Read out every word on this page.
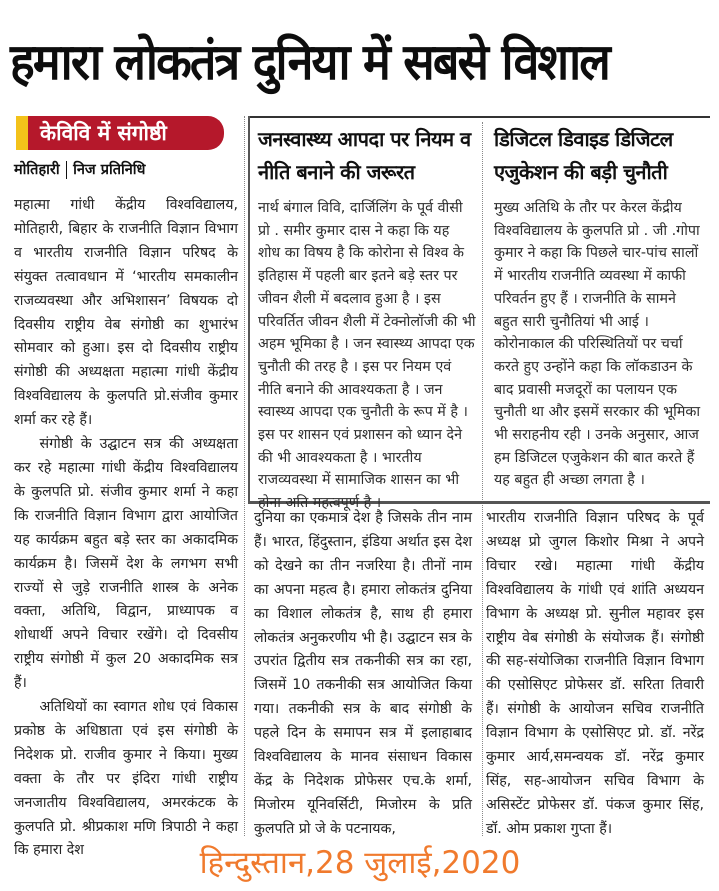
हमारा लोकतंत्र दुनिया में सबसे विशाल
केविवि में संगोष्ठी
मोतिहारी निज प्रतिनिधि

महात्मा गांधी केंद्रीय विश्वविद्यालय, मोतिहारी, बिहार के राजनीति विज्ञान विभाग व भारतीय राजनीति विज्ञान परिषद के संयुक्त तत्वावधान में ‘भारतीय समकालीन राजव्यवस्था और अभिशासन’ विषयक दो दिवसीय राष्ट्रीय वेब संगोष्ठी का शुभारंभ सोमवार को हुआ। इस दो दिवसीय राष्ट्रीय संगोष्ठी की अध्यक्षता महात्मा गांधी केंद्रीय विश्वविद्यालय के कुलपति प्रो.संजीव कुमार शर्मा कर रहे हैं।

संगोष्ठी के उद्घाटन सत्र की अध्यक्षता कर रहे महात्मा गांधी केंद्रीय विश्वविद्यालय के कुलपति प्रो. संजीव कुमार शर्मा ने कहा कि राजनीति विज्ञान विभाग द्वारा आयोजित यह कार्यक्रम बहुत बड़े स्तर का अकादमिक कार्यक्रम है। जिसमें देश के लगभग सभी राज्यों से जुड़े राजनीति शास्त्र के अनेक वक्ता, अतिथि, विद्वान, प्राध्यापक व शोधार्थी अपने विचार रखेंगे। दो दिवसीय राष्ट्रीय संगोष्ठी में कुल 20 अकादमिक सत्र हैं।

अतिथियों का स्वागत शोध एवं विकास प्रकोष्ठ के अधिष्ठाता एवं इस संगोष्ठी के निदेशक प्रो. राजीव कुमार ने किया। मुख्य वक्ता के तौर पर इंदिरा गांधी राष्ट्रीय जनजातीय विश्वविद्यालय, अमरकंटक के कुलपति प्रो. श्रीप्रकाश मणि त्रिपाठी ने कहा कि हमारा देश

जनस्वास्थ्य आपदा पर नियम व नीति बनाने की जरूरत

नार्थ बंगाल विवि, दार्जिलिंग के पूर्व वीसी प्रो . समीर कुमार दास ने कहा कि यह शोध का विषय है कि कोरोना से विश्व के इतिहास में पहली बार इतने बड़े स्तर पर जीवन शैली में बदलाव हुआ है । इस परिवर्तित जीवन शैली में टेक्नोलॉजी की भी अहम भूमिका है । जन स्वास्थ्य आपदा एक चुनौती की तरह है । इस पर नियम एवं नीति बनाने की आवश्यकता है । जन स्वास्थ्य आपदा एक चुनौती के रूप में है । इस पर शासन एवं प्रशासन को ध्यान देने की भी आवश्यकता है । भारतीय राजव्यवस्था में सामाजिक शासन का भी होना अति महत्वपूर्ण है ।

डिजिटल डिवाइड डिजिटल एजुकेशन की बड़ी चुनौती

मुख्य अतिथि के तौर पर केरल केंद्रीय विश्वविद्यालय के कुलपति प्रो . जी .गोपा कुमार ने कहा कि पिछले चार-पांच सालों में भारतीय राजनीति व्यवस्था में काफी परिवर्तन हुए हैं । राजनीति के सामने बहुत सारी चुनौतियां भी आई । कोरोनाकाल की परिस्थितियों पर चर्चा करते हुए उन्होंने कहा कि लॉकडाउन के बाद प्रवासी मजदूरों का पलायन एक चुनौती था और इसमें सरकार की भूमिका भी सराहनीय रही । उनके अनुसार, आज हम डिजिटल एजुकेशन की बात करते हैं यह बहुत ही अच्छा लगता है ।

दुनिया का एकमात्र देश है जिसके तीन नाम हैं। भारत, हिंदुस्तान, इंडिया अर्थात इस देश को देखने का तीन नजरिया है। तीनों नाम का अपना महत्व है। हमारा लोकतंत्र दुनिया का विशाल लोकतंत्र है, साथ ही हमारा लोकतंत्र अनुकरणीय भी है। उद्घाटन सत्र के उपरांत द्वितीय सत्र तकनीकी सत्र का रहा, जिसमें 10 तकनीकी सत्र आयोजित किया गया। तकनीकी सत्र के बाद संगोष्ठी के पहले दिन के समापन सत्र में इलाहाबाद विश्वविद्यालय के मानव संसाधन विकास केंद्र के निदेशक प्रोफेसर एच.के शर्मा, मिजोरम यूनिवर्सिटी, मिजोरम के प्रति कुलपति प्रो जे के पटनायक,

भारतीय राजनीति विज्ञान परिषद के पूर्व अध्यक्ष प्रो जुगल किशोर मिश्रा ने अपने विचार रखे। महात्मा गांधी केंद्रीय विश्वविद्यालय के गांधी एवं शांति अध्ययन विभाग के अध्यक्ष प्रो. सुनील महावर इस राष्ट्रीय वेब संगोष्ठी के संयोजक हैं। संगोष्ठी की सह-संयोजिका राजनीति विज्ञान विभाग की एसोसिएट प्रोफेसर डॉ. सरिता तिवारी हैं। संगोष्ठी के आयोजन सचिव राजनीति विज्ञान विभाग के एसोसिएट प्रो. डॉ. नरेंद्र कुमार आर्य,समन्वयक डॉ. नरेंद्र कुमार सिंह, सह-आयोजन सचिव विभाग के असिस्टेंट प्रोफेसर डॉ. पंकज कुमार सिंह, डॉ. ओम प्रकाश गुप्ता हैं।

हिन्दुस्तान,28 जुलाई,2020
